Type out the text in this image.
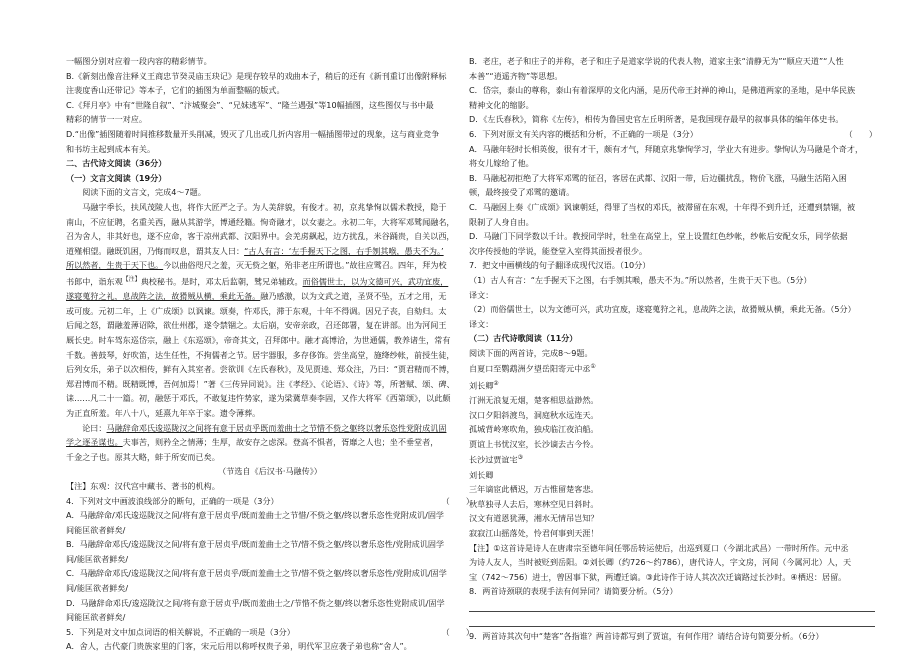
一幅图分别对应着一段内容的精彩情节。

B.《新刻出像音注释义王商忠节癸灵庙玉玦记》是现存较早的戏曲本子，稍后的还有《新刊重订出像附释标

注裴度香山还带记》等本子，它们的插图为单面整幅的版式。

C.《拜月亭》中有“世隆自叙”、“汴城聚会”、“兄妹逃军”、“隆兰遇强”等10幅插图，这些图仅与书中最

精彩的情节一一对应。

D.“出像”插图随着时间推移数量开头削减，毁灭了几出或几折内容用一幅插图带过的现象，这与商业竞争

和书坊主起到成本有关。

二、古代诗文阅读（36分）

（一）文言文阅读（19分）

阅读下面的文言文，完成4～7题。

马融字季长，扶风茂陵人也，将作大匠严之子。为人美辞貌，有俊才。初，京兆挚恂以儒术教授，隐于

南山，不应征聘，名重关西，融从其游学，博通经籍。恂奇融才，以女妻之。永初二年，大将军邓骘闻融名，

召为舍人，非其好也，遂不应命，客于凉州武都、汉阳界中。会羌虏飙起，边方扰乱，米谷踊贵，自关以西，

道殣相望。融既饥困，乃悔而叹息，谓其友人曰：“古人有言：‘左手握天下之图，右手刎其喉，愚夫不为。’

所以然者，生贵于天下也。今以曲俗咫尺之羞，灭无赀之躯，殆非老庄所谓也。”故往应骘召。四年，拜为校

书郎中，诣东观$^{【注】}$典校秘书。是时，邓太后监朝，骘兄弟辅政。而俗儒世士，以为文德可兴，武功宜废，

遂寝蒐狩之礼，息战阵之法，故猾贼从横，乘此无备。融乃感激，以为文武之道，圣贤不坠，五才之用，无

或可废。元初二年，上《广成颂》以讽谏。颂奏，忤邓氏，滞于东观，十年不得调。因兄子丧，自劾归。太

后闻之怒，谓融羞薄诏除，欲仕州郡，遂令禁锢之。太后崩，安帝亲政，召还郎署，复在讲部。出为河间王

厩长史。时车驾东巡岱宗，融上《东巡颂》，帝奇其文，召拜郎中。融才高博洽，为世通儒，教养诸生，常有

千数。善鼓琴，好吹笛，达生任性，不拘儒者之节。居宇器服，多存侈饰。尝坐高堂，施绛纱帐，前授生徒，

后列女乐，弟子以次相传，鲜有入其室者。尝欲训《左氏春秋》，及见贾逵、郑众注，乃曰：“贾君精而不博，

郑君博而不精。既精既博，吾何加焉！”著《三传异同说》。注《孝经》、《论语》、《诗》等，所著赋、颂、碑、

诔……凡二十一篇。初，融惩于邓氏，不敢复违忤势家，遂为梁冀草奏李固，又作大将军《西第颂》，以此颇

为正直所羞。年八十八，延熹九年卒于家。遗令薄葬。

论曰：马融辞命邓氏逡巡陇汉之间将有意于居贞乎既而羞曲士之节惜不赀之躯终以奢乐恣性党附成讥固

学之逐圣谋也。夫事苦，则矜全之情薄；生厚，故安存之虑深。登高不惧者，胥靡之人也；坐不垂堂者，

千金之子也。原其大略，蚌于所安而已矣。

（节选自《后汉书·马融传》）

【注】东观：汉代宫中藏书、著书的机构。

4．下列对文中画波浪线部分的断句，正确的一项是（3分）	（　　）

A．马融辞命/邓氏逡巡陇汉之间/将有意于居贞乎/既而羞曲士之节惜/不赀之躯/终以奢乐恣性党附成讥/固学

间能匡欲者鲜矣/

B．马融辞命邓氏/逡巡陇汉之间/将有意于居贞乎/既而羞曲士之节/惜不赀之躯/终以奢乐恣性/党附成讥固学

间/能匡欲者鲜矣/

C．马融辞命邓氏/逡巡陇汉之间/将有意于居贞乎/既而羞曲士之节/惜不赀之躯/终以奢乐恣性/党附成讥/固学

间/能匡欲者鲜矣/

D．马融辞命邓氏/逡巡陇汉之间/将有意于居贞乎/既而羞曲士之/节惜不赀之躯/终以奢乐恣性党附成讥/固学

间能匡欲者鲜矣/

5．下列是对文中加点词语的相关解说，不正确的一项是（3分）	（　　）

A．舍人，古代豪门贵族家里的门客，宋元后用以称呼权贵子弟，明代军卫应袭子弟也称“舍人”。

B．老庄，老子和庄子的并称，老子和庄子是道家学说的代表人物，道家主张“清静无为”“顺应天道”“人性

本善”“逍遥齐物”等思想。

C．岱宗，泰山的尊称，泰山有着深厚的文化内涵，是历代帝王封禅的神山，是佛道两家的圣地，是中华民族

精神文化的缩影。

D．《左氏春秋》，简称《左传》，相传为鲁国史官左丘明所著，是我国现存最早的叙事具体的编年体史书。

6．下列对原文有关内容的概括和分析，不正确的一项是（3分）	（　　）

A．马融年轻时长相英俊，很有才干，颇有才气，拜随京兆挚恂学习，学业大有进步。挚恂认为马融是个奇才，

将女儿嫁给了他。

B．马融起初拒绝了大将军邓骘的征召，客居在武都、汉阳一带，后边疆扰乱，物价飞涨，马融生活陷入困

顿，最终接受了邓骘的邀请。

C．马融因上奏《广成颂》讽谏朝廷，得罪了当权的邓氏，被滞留在东观，十年得不到升迁，还遭到禁锢，被

限制了人身自由。

D．马融门下同学数以千计。教授同学时，牡坐在高堂上，堂上设置红色纱帐，纱帐后安配女乐，同学依据

次序传授他的学说，能登堂入室得其面授者很少。

7．把文中画横线的句子翻译成现代汉语。（10分）

（1）古人有言：“左手握天下之图，右手刎其喉，愚夫不为。”所以然者，生贵于天下也。（5分）

译文：

（2）而俗儒世士，以为文德可兴，武功宜废，遂寝蒐狩之礼，息战阵之法，故猾贼从横，乘此无备。（5分）

译文：

（二）古代诗歌阅读（11分）

阅读下面的两首诗，完成8～9题。

自夏口至鹦鹉洲夕望岳阳寄元中丞①

刘长卿②

汀洲无浪复无烟，楚客相思益渺然。

汉口夕阳斜渡鸟，洞庭秋水远连天。

孤城背岭寒吹角，独戍临江夜泊船。

贾谊上书忧汉室，长沙谪去古今怜。

长沙过贾谊宅③

刘长卿

三年谪宦此栖迟，万古惟留楚客悲。

秋草独寻人去后，寒林空见日斜时。

汉文有道恩犹薄，湘水无情吊岂知？

寂寂江山摇落处，怜君何事到天涯！

【注】①这首诗是诗人在唐肃宗至德年间任鄂岳转运使后，出巡到夏口（今湖北武昌）一带时所作。元中丞

为诗人友人，当时被贬到岳阳。②刘长卿（约726～约786），唐代诗人，字文房，河间（今属河北）人，天

宝（742～756）进士，曾因事下狱，两遭迁谪。③此诗作于诗人其次次迁谪路过长沙时。④栖迟：居留。

8．两首诗颈联的表现手法有何异同？请简要分析。（5分）

9．两首诗其次句中“楚客”各指谁？两首诗都写到了贾谊，有何作用？请结合诗句简要分析。（6分）
